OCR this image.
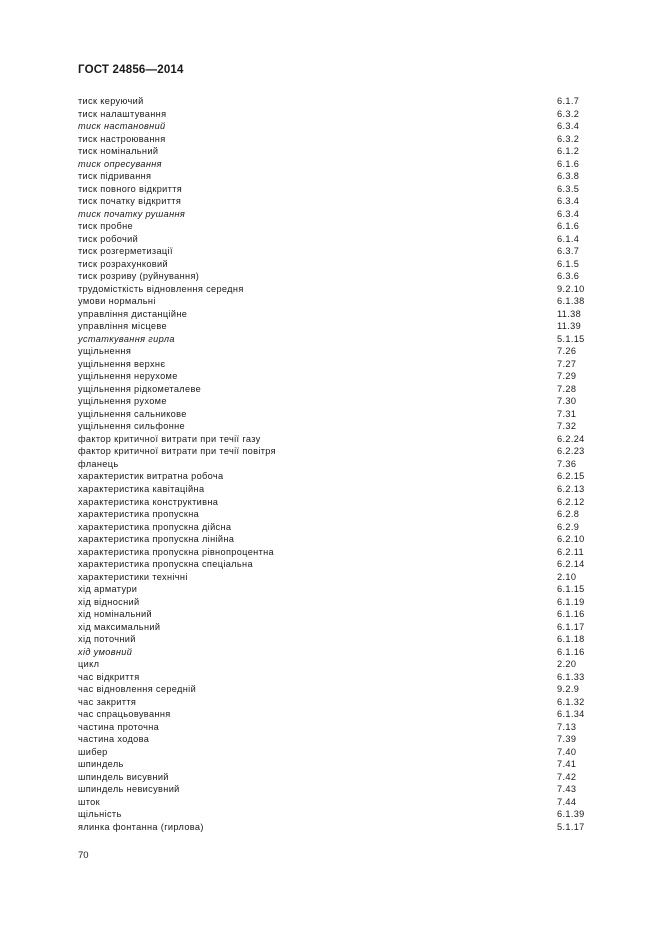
ГОСТ 24856—2014
тиск керуючий	6.1.7
тиск налаштування	6.3.2
тиск настановний	6.3.4
тиск настроювання	6.3.2
тиск номінальний	6.1.2
тиск опресування	6.1.6
тиск підривання	6.3.8
тиск повного відкриття	6.3.5
тиск початку відкриття	6.3.4
тиск початку рушання	6.3.4
тиск пробне	6.1.6
тиск робочий	6.1.4
тиск розгерметизації	6.3.7
тиск розрахунковий	6.1.5
тиск розриву (руйнування)	6.3.6
трудомісткість відновлення середня	9.2.10
умови нормальні	6.1.38
управління дистанційне	11.38
управління місцеве	11.39
устаткування гирла	5.1.15
ущільнення	7.26
ущільнення верхнє	7.27
ущільнення нерухоме	7.29
ущільнення рідкометалеве	7.28
ущільнення рухоме	7.30
ущільнення сальникове	7.31
ущільнення сильфонне	7.32
фактор критичної витрати при течії газу	6.2.24
фактор критичної витрати при течії повітря	6.2.23
фланець	7.36
характеристик витратна робоча	6.2.15
характеристика кавітаційна	6.2.13
характеристика конструктивна	6.2.12
характеристика пропускна	6.2.8
характеристика пропускна дійсна	6.2.9
характеристика пропускна лінійна	6.2.10
характеристика пропускна рівнопроцентна	6.2.11
характеристика пропускна спеціальна	6.2.14
характеристики технічні	2.10
хід арматури	6.1.15
хід відносний	6.1.19
хід номінальний	6.1.16
хід максимальний	6.1.17
хід поточний	6.1.18
хід умовний	6.1.16
цикл	2.20
час відкриття	6.1.33
час відновлення середній	9.2.9
час закриття	6.1.32
час спрацьовування	6.1.34
частина проточна	7.13
частина ходова	7.39
шибер	7.40
шпиндель	7.41
шпиндель висувний	7.42
шпиндель невисувний	7.43
шток	7.44
щільність	6.1.39
ялинка фонтанна (гирлова)	5.1.17
70
